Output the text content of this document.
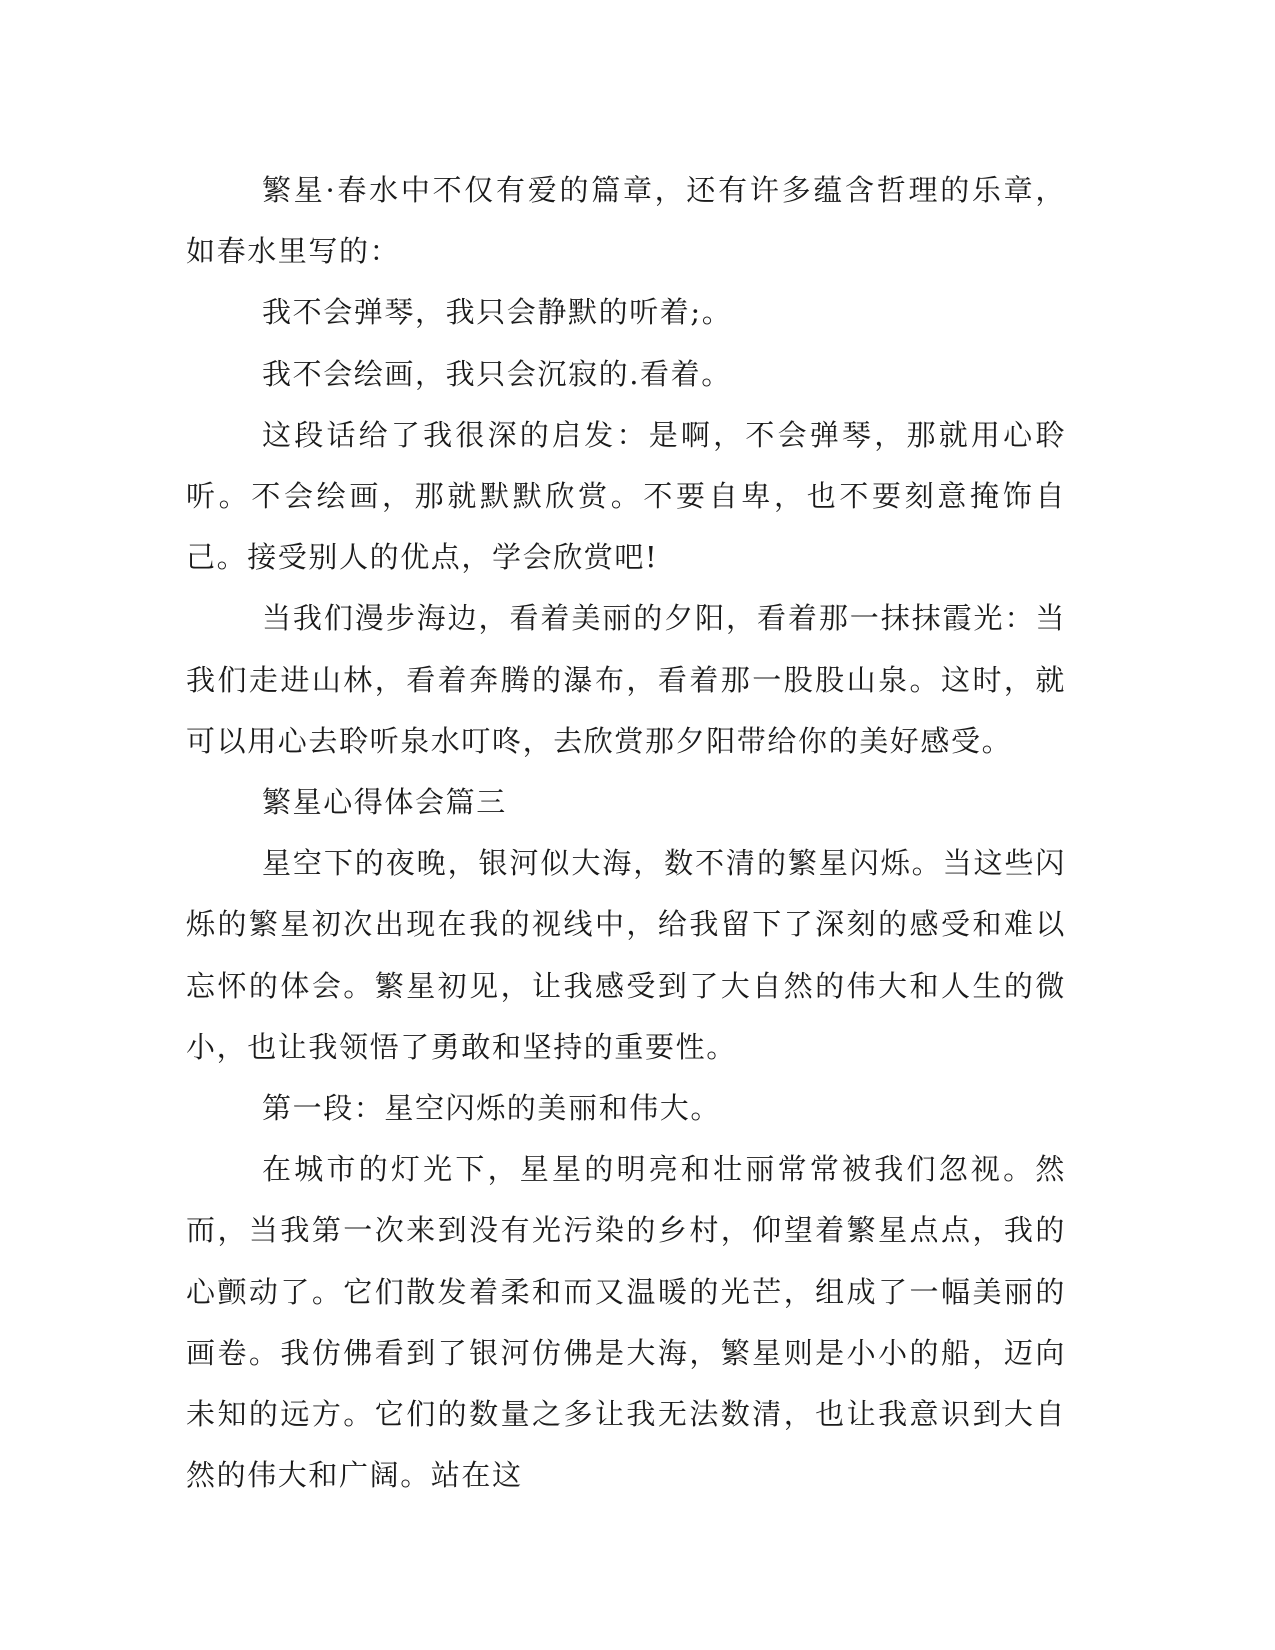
繁星·春水中不仅有爱的篇章，还有许多蕴含哲理的乐章，如春水里写的：

我不会弹琴，我只会静默的听着;。

我不会绘画，我只会沉寂的.看着。

这段话给了我很深的启发：是啊，不会弹琴，那就用心聆听。不会绘画，那就默默欣赏。不要自卑，也不要刻意掩饰自己。接受别人的优点，学会欣赏吧!

当我们漫步海边，看着美丽的夕阳，看着那一抹抹霞光：当我们走进山林，看着奔腾的瀑布，看着那一股股山泉。这时，就可以用心去聆听泉水叮咚，去欣赏那夕阳带给你的美好感受。

繁星心得体会篇三

星空下的夜晚，银河似大海，数不清的繁星闪烁。当这些闪烁的繁星初次出现在我的视线中，给我留下了深刻的感受和难以忘怀的体会。繁星初见，让我感受到了大自然的伟大和人生的微小，也让我领悟了勇敢和坚持的重要性。

第一段：星空闪烁的美丽和伟大。

在城市的灯光下，星星的明亮和壮丽常常被我们忽视。然而，当我第一次来到没有光污染的乡村，仰望着繁星点点，我的心颤动了。它们散发着柔和而又温暖的光芒，组成了一幅美丽的画卷。我仿佛看到了银河仿佛是大海，繁星则是小小的船，迈向未知的远方。它们的数量之多让我无法数清，也让我意识到大自然的伟大和广阔。站在这
